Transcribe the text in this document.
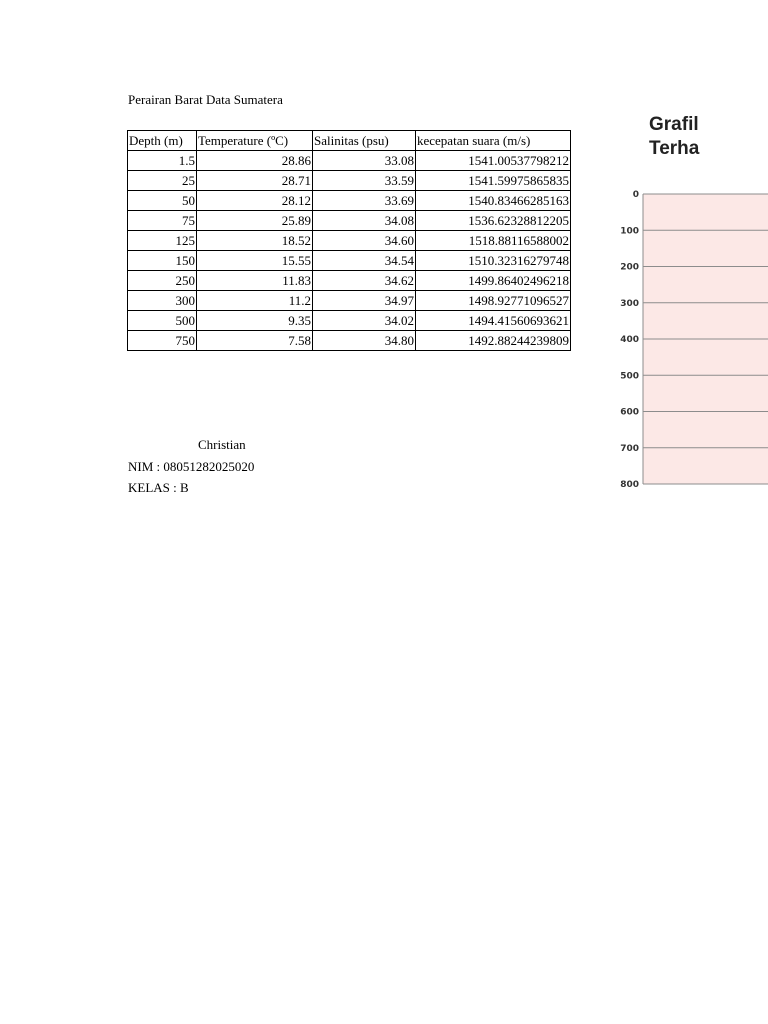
Perairan Barat Data Sumatera
Depth (m)	Temperature (ºC)	Salinitas (psu)	kecepatan suara (m/s)
1.5	28.86	33.08	1541.00537798212
25	28.71	33.59	1541.59975865835
50	28.12	33.69	1540.83466285163
75	25.89	34.08	1536.62328812205
125	18.52	34.60	1518.88116588002
150	15.55	34.54	1510.32316279748
250	11.83	34.62	1499.86402496218
300	11.2	34.97	1498.92771096527
500	9.35	34.02	1494.41560693621
750	7.58	34.80	1492.88244239809
Christian
NIM : 08051282025020
KELAS : B
Grafil
Terha
0
100
200
300
400
500
600
700
800
